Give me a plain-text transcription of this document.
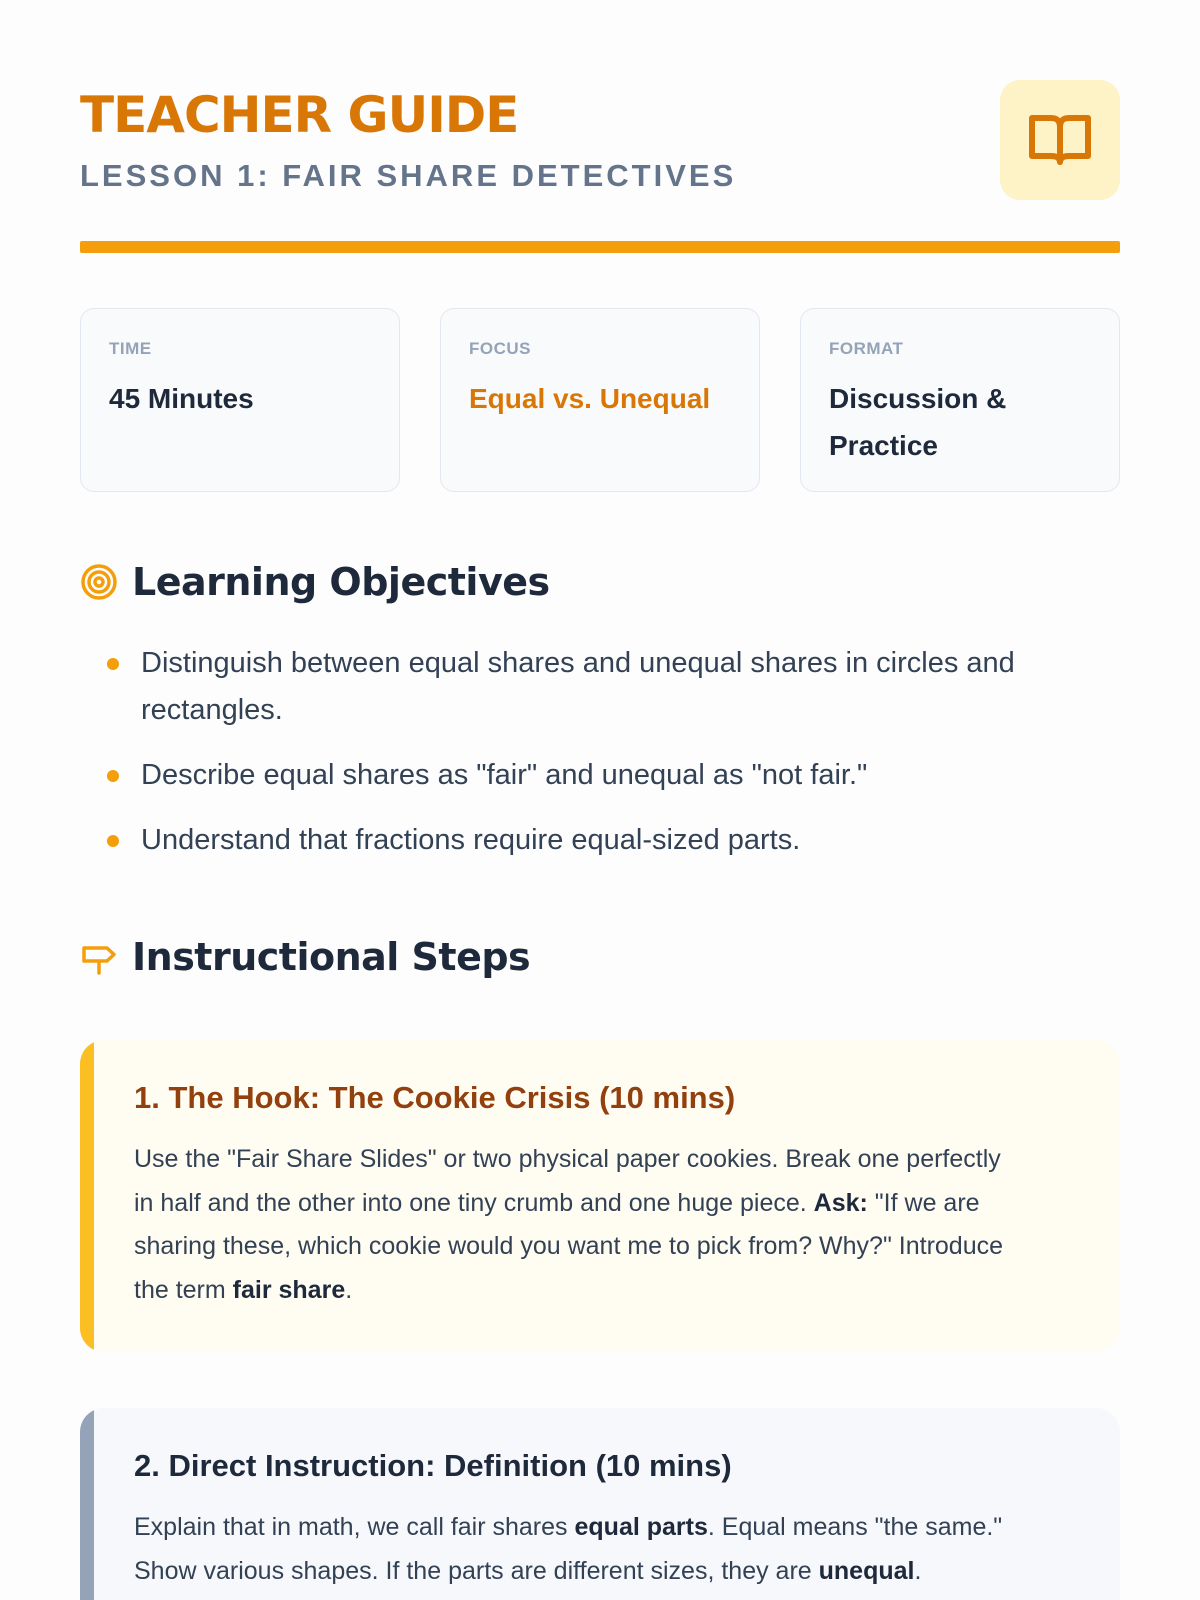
TEACHER GUIDE
LESSON 1: FAIR SHARE DETECTIVES
TIME
45 Minutes
FOCUS
Equal vs. Unequal
FORMAT
Discussion &
Practice
Learning Objectives
Distinguish between equal shares and unequal shares in circles and
rectangles.
Describe equal shares as "fair" and unequal as "not fair."
Understand that fractions require equal-sized parts.
Instructional Steps
1. The Hook: The Cookie Crisis (10 mins)

Use the "Fair Share Slides" or two physical paper cookies. Break one perfectly
in half and the other into one tiny crumb and one huge piece. Ask: "If we are
sharing these, which cookie would you want me to pick from? Why?" Introduce
the term fair share.

2. Direct Instruction: Definition (10 mins)

Explain that in math, we call fair shares equal parts. Equal means "the same."
Show various shapes. If the parts are different sizes, they are unequal.
